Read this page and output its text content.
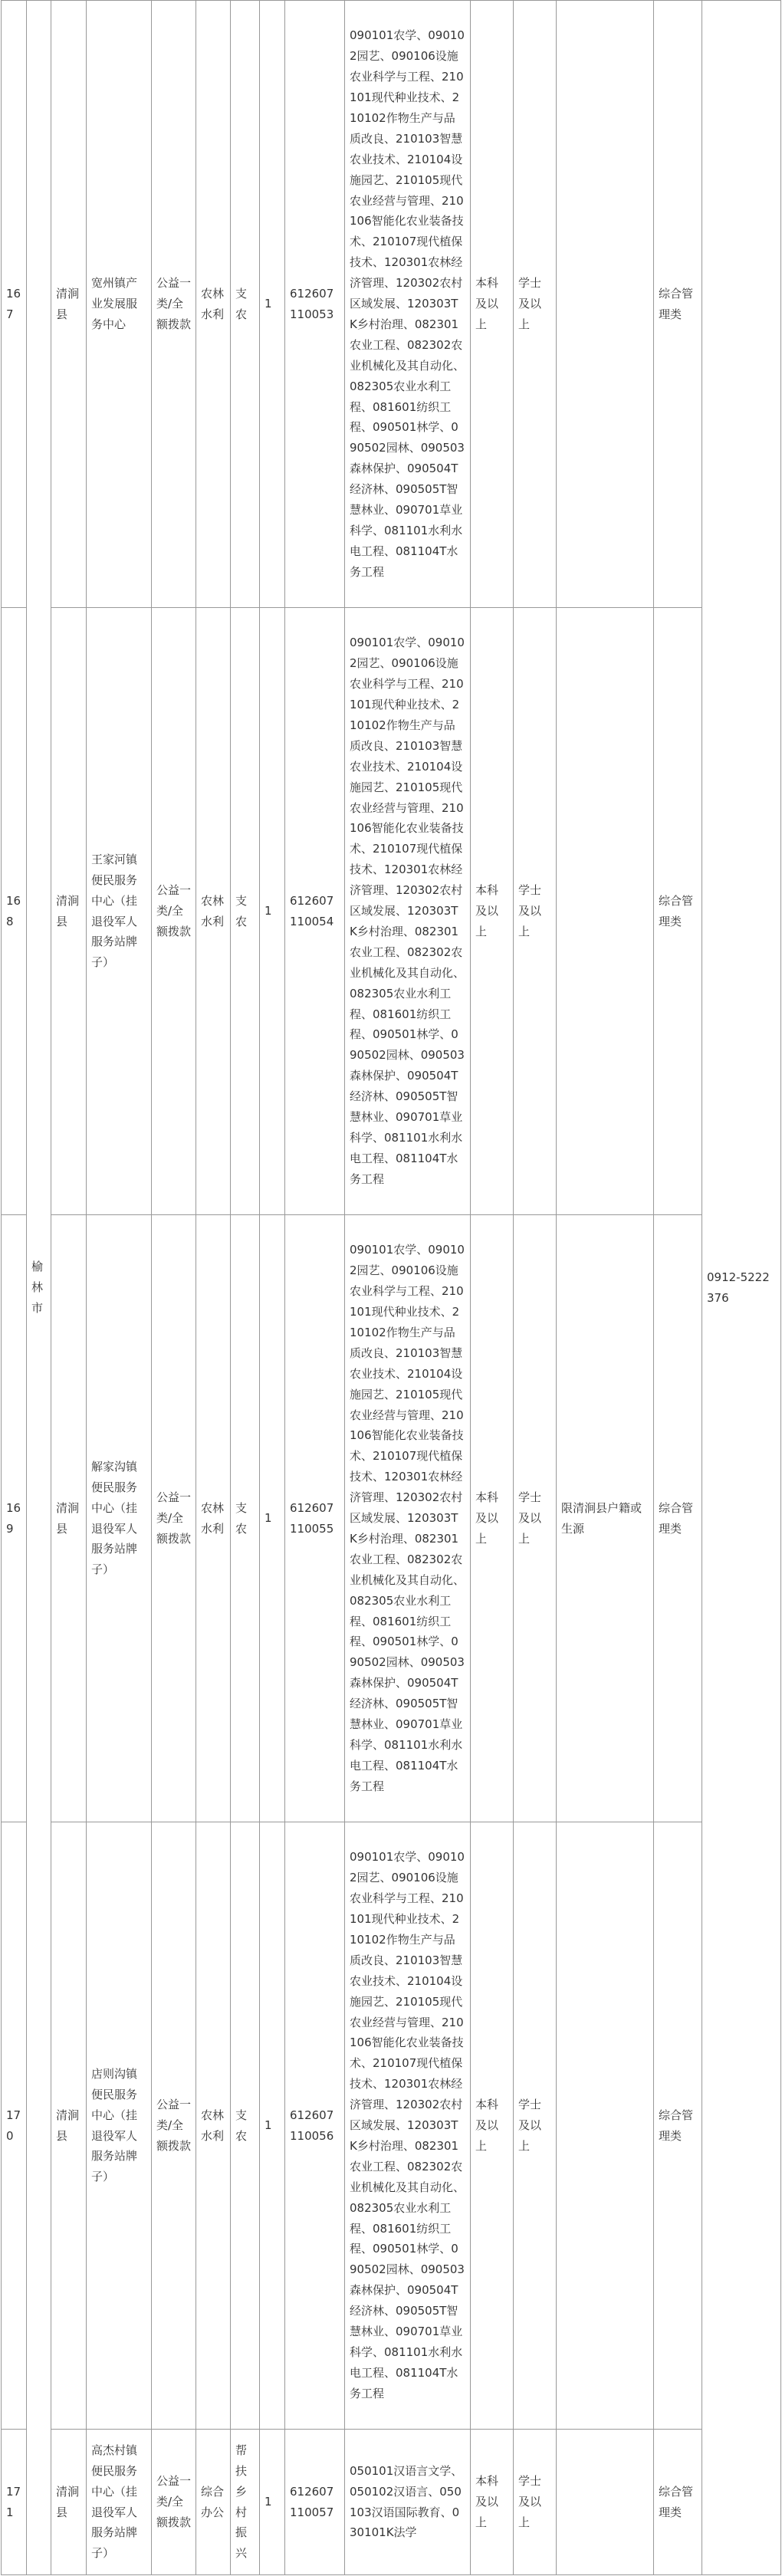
167	榆林市	清涧县	宽州镇产业发展服务中心	公益一类/全额拨款	农林水利	支农	1	612607110053	090101农学、090102园艺、090106设施农业科学与工程、210101现代种业技术、210102作物生产与品质改良、210103智慧农业技术、210104设施园艺、210105现代农业经营与管理、210106智能化农业装备技术、210107现代植保技术、120301农林经济管理、120302农村区域发展、120303TK乡村治理、082301农业工程、082302农业机械化及其自动化、082305农业水利工程、081601纺织工程、090501林学、090502园林、090503森林保护、090504T经济林、090505T智慧林业、090701草业科学、081101水利水电工程、081104T水务工程	本科及以上	学士及以上		综合管理类	0912-5222376
168		清涧县	王家河镇便民服务中心（挂退役军人服务站牌子）	公益一类/全额拨款	农林水利	支农	1	612607110054	090101农学、090102园艺、090106设施农业科学与工程、210101现代种业技术、210102作物生产与品质改良、210103智慧农业技术、210104设施园艺、210105现代农业经营与管理、210106智能化农业装备技术、210107现代植保技术、120301农林经济管理、120302农村区域发展、120303TK乡村治理、082301农业工程、082302农业机械化及其自动化、082305农业水利工程、081601纺织工程、090501林学、090502园林、090503森林保护、090504T经济林、090505T智慧林业、090701草业科学、081101水利水电工程、081104T水务工程	本科及以上	学士及以上		综合管理类	
169		清涧县	解家沟镇便民服务中心（挂退役军人服务站牌子）	公益一类/全额拨款	农林水利	支农	1	612607110055	090101农学、090102园艺、090106设施农业科学与工程、210101现代种业技术、210102作物生产与品质改良、210103智慧农业技术、210104设施园艺、210105现代农业经营与管理、210106智能化农业装备技术、210107现代植保技术、120301农林经济管理、120302农村区域发展、120303TK乡村治理、082301农业工程、082302农业机械化及其自动化、082305农业水利工程、081601纺织工程、090501林学、090502园林、090503森林保护、090504T经济林、090505T智慧林业、090701草业科学、081101水利水电工程、081104T水务工程	本科及以上	学士及以上	限清涧县户籍或生源	综合管理类	
170		清涧县	店则沟镇便民服务中心（挂退役军人服务站牌子）	公益一类/全额拨款	农林水利	支农	1	612607110056	090101农学、090102园艺、090106设施农业科学与工程、210101现代种业技术、210102作物生产与品质改良、210103智慧农业技术、210104设施园艺、210105现代农业经营与管理、210106智能化农业装备技术、210107现代植保技术、120301农林经济管理、120302农村区域发展、120303TK乡村治理、082301农业工程、082302农业机械化及其自动化、082305农业水利工程、081601纺织工程、090501林学、090502园林、090503森林保护、090504T经济林、090505T智慧林业、090701草业科学、081101水利水电工程、081104T水务工程	本科及以上	学士及以上		综合管理类	
171		清涧县	高杰村镇便民服务中心（挂退役军人服务站牌子）	公益一类/全额拨款	综合办公	帮扶乡村振兴	1	612607110057	050101汉语言文学、050102汉语言、050103汉语国际教育、030101K法学	本科及以上	学士及以上		综合管理类	
